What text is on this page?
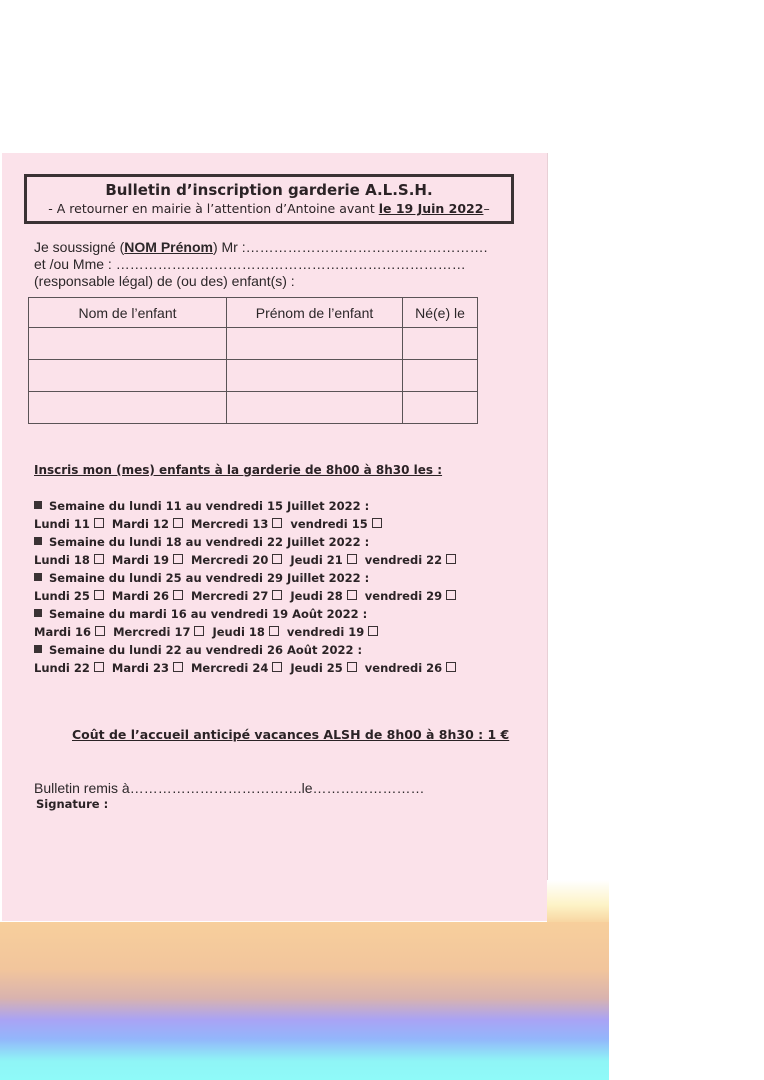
Bulletin d’inscription garderie A.L.S.H.
- A retourner en mairie à l’attention d’Antoine avant le 19 Juin 2022–
Je soussigné (NOM Prénom) Mr :…………………………………………….
et /ou Mme : …………………………………………………………………
(responsable légal) de (ou des) enfant(s) :
Nom de l’enfant	Prénom de l’enfant	Né(e) le

Inscris mon (mes) enfants à la garderie de 8h00 à 8h30 les :
Semaine du lundi 11 au vendredi 15 Juillet 2022 :
Lundi 11 Mardi 12 Mercredi 13 vendredi 15
Semaine du lundi 18 au vendredi 22 Juillet 2022 :
Lundi 18 Mardi 19 Mercredi 20 Jeudi 21 vendredi 22
Semaine du lundi 25 au vendredi 29 Juillet 2022 :
Lundi 25 Mardi 26 Mercredi 27 Jeudi 28 vendredi 29
Semaine du mardi 16 au vendredi 19 Août 2022 :
Mardi 16 Mercredi 17 Jeudi 18 vendredi 19
Semaine du lundi 22 au vendredi 26 Août 2022 :
Lundi 22 Mardi 23 Mercredi 24 Jeudi 25 vendredi 26
Coût de l’accueil anticipé vacances ALSH de 8h00 à 8h30 : 1 €
Bulletin remis à……………………………….le……………………
Signature :
